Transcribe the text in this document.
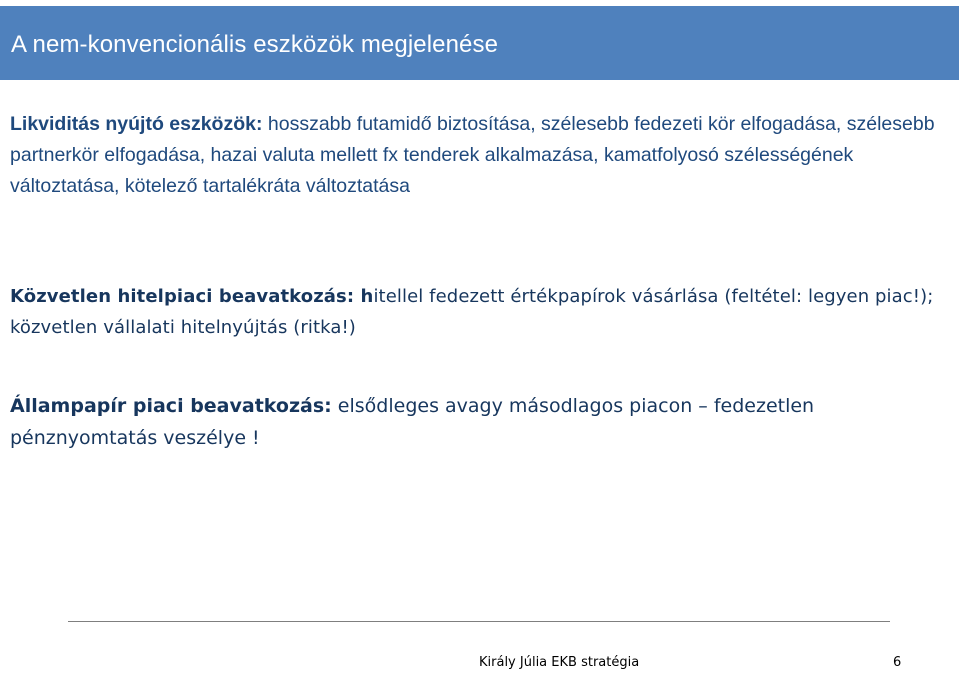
A nem-konvencionális eszközök megjelenése

Likviditás nyújtó eszközök: hosszabb futamidő biztosítása, szélesebb fedezeti kör elfogadása, szélesebb partnerkör elfogadása, hazai valuta mellett fx tenderek alkalmazása, kamatfolyosó szélességének változtatása, kötelező tartalékráta változtatása

Közvetlen hitelpiaci beavatkozás: hitellel fedezett értékpapírok vásárlása (feltétel: legyen piac!); közvetlen vállalati hitelnyújtás (ritka!)

Állampapír piaci beavatkozás: elsődleges avagy másodlagos piacon – fedezetlen pénznyomtatás veszélye !

Király Júlia EKB stratégia	6
